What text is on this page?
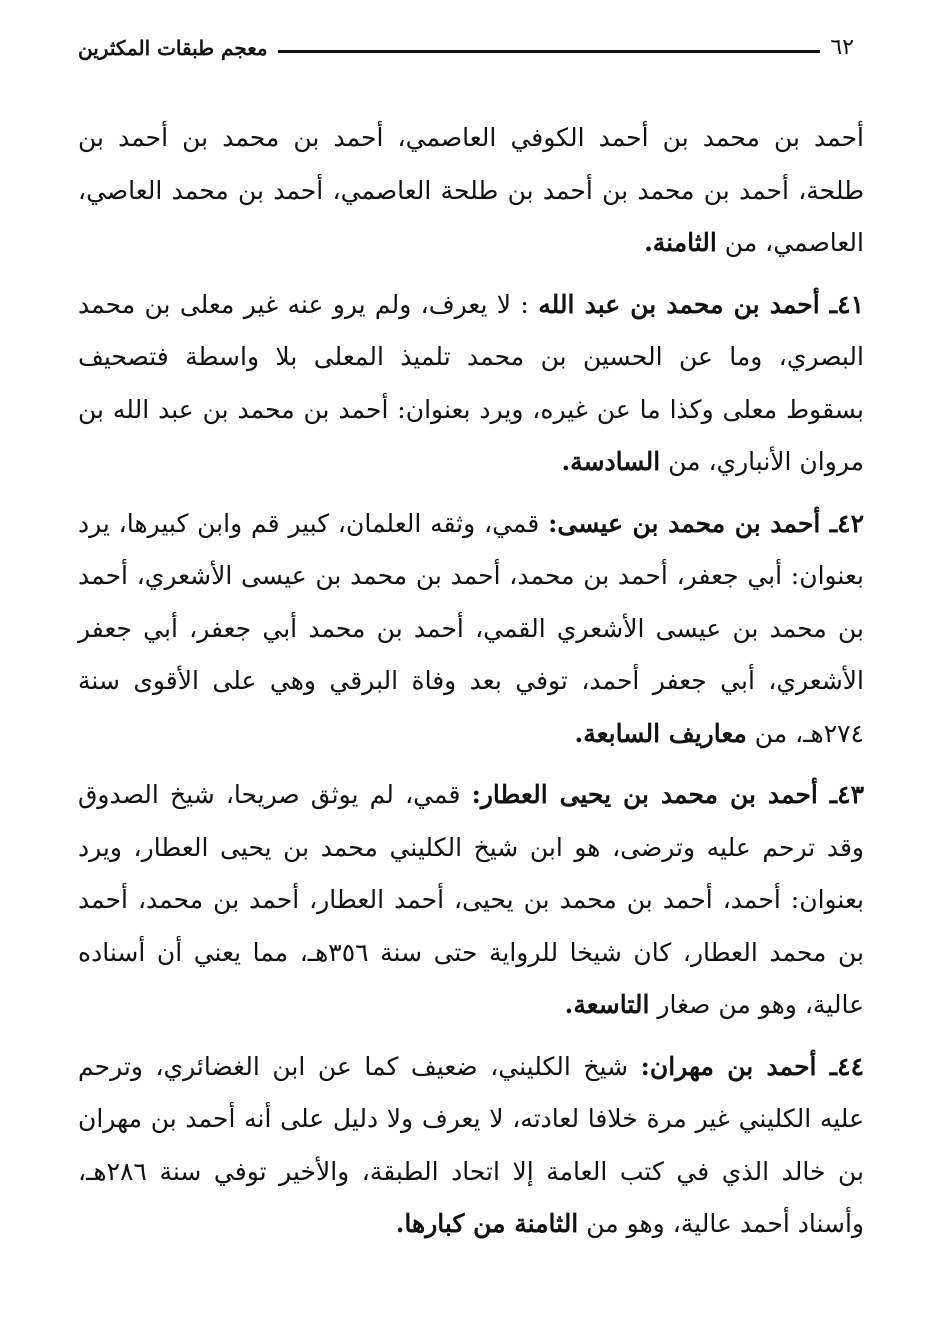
٦٢
معجم طبقات المكثرين

أحمد بن محمد بن أحمد الكوفي العاصمي، أحمد بن محمد بن أحمد بن طلحة، أحمد بن محمد بن أحمد بن طلحة العاصمي، أحمد بن محمد العاصي، العاصمي، من الثامنة.

٤١ـ أحمد بن محمد بن عبد الله : لا يعرف، ولم يرو عنه غير معلى بن محمد البصري، وما عن الحسين بن محمد تلميذ المعلى بلا واسطة فتصحيف بسقوط معلى وكذا ما عن غيره، ويرد بعنوان: أحمد بن محمد بن عبد الله بن مروان الأنباري، من السادسة.

٤٢ـ أحمد بن محمد بن عيسى: قمي، وثقه العلمان، كبير قم وابن كبيرها، يرد بعنوان: أبي جعفر، أحمد بن محمد، أحمد بن محمد بن عيسى الأشعري، أحمد بن محمد بن عيسى الأشعري القمي، أحمد بن محمد أبي جعفر، أبي جعفر الأشعري، أبي جعفر أحمد، توفي بعد وفاة البرقي وهي على الأقوى سنة ٢٧٤هـ، من معاريف السابعة.

٤٣ـ أحمد بن محمد بن يحيى العطار: قمي، لم يوثق صريحا، شيخ الصدوق وقد ترحم عليه وترضى، هو ابن شيخ الكليني محمد بن يحيى العطار، ويرد بعنوان: أحمد، أحمد بن محمد بن يحيى، أحمد العطار، أحمد بن محمد، أحمد بن محمد العطار، كان شيخا للرواية حتى سنة ٣٥٦هـ، مما يعني أن أسناده عالية، وهو من صغار التاسعة.

٤٤ـ أحمد بن مهران: شيخ الكليني، ضعيف كما عن ابن الغضائري، وترحم عليه الكليني غير مرة خلافا لعادته، لا يعرف ولا دليل على أنه أحمد بن مهران بن خالد الذي في كتب العامة إلا اتحاد الطبقة، والأخير توفي سنة ٢٨٦هـ، وأسناد أحمد عالية، وهو من الثامنة من كبارها.
